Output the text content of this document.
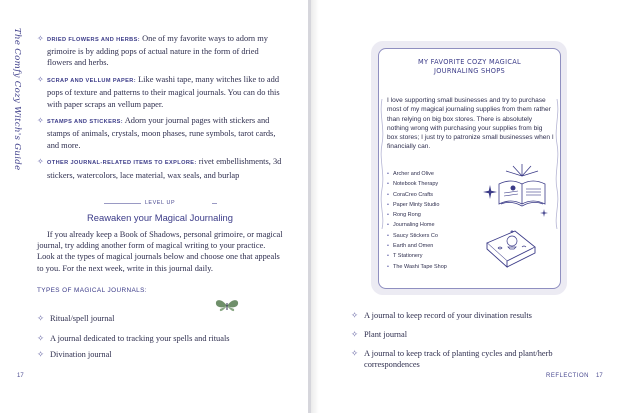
The Comfy Cozy Witch's Guide ✧ DRIED FLOWERS AND HERBS: One of my favorite ways to adorn my grimoire is by adding pops of actual nature in the form of dried flowers and herbs.
✧ SCRAP AND VELLUM PAPER: Like washi tape, many witches like to add pops of texture and patterns to their magical journals. You can do this with paper scraps an vellum paper.
✧ STAMPS AND STICKERS: Adorn your journal pages with stickers and stamps of animals, crystals, moon phases, rune symbols, tarot cards, and more.
✧ OTHER JOURNAL-RELATED ITEMS TO EXPLORE: rivet embellishments, 3d stickers, watercolors, lace material, wax seals, and burlap
LEVEL UP
Reawaken your Magical Journaling
If you already keep a Book of Shadows, personal grimoire, or magical journal, try adding another form of magical writing to your practice. Look at the types of magical journals below and choose one that appeals to you. For the next week, write in this journal daily.
TYPES OF MAGICAL JOURNALS:
✧ Ritual/spell journal
✧ A journal dedicated to tracking your spells and rituals
✧ Divination journal
17
MY FAVORITE COZY MAGICAL
JOURNALING SHOPS
I love supporting small businesses and try to purchase most of my magical journaling supplies from them rather than relying on big box stores. There is absolutely nothing wrong with purchasing your supplies from big box stores; I just try to patronize small businesses when I financially can.
• Archer and Olive
• Notebook Therapy
• CoraCreo Crafts
• Paper Minty Studio
• Rong Rong
• Journaling Home
• Saucy Stickers Co
• Earth and Omen
• T Stationery
• The Washi Tape Shop
✧ A journal to keep record of your divination results
✧ Plant journal
✧ A journal to keep track of planting cycles and plant/herb correspondences
REFLECTION 17
